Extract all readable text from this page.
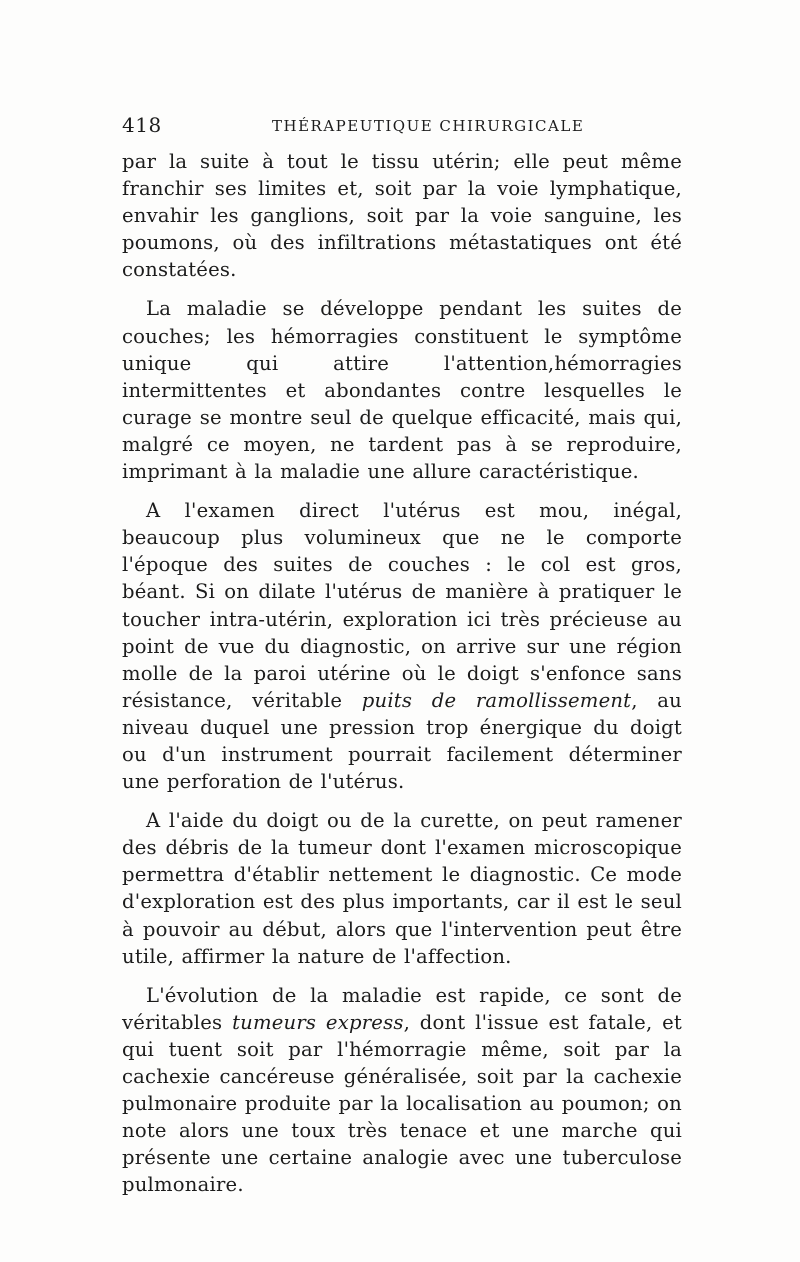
418	THÉRAPEUTIQUE CHIRURGICALE

par la suite à tout le tissu utérin; elle peut même franchir ses limites et, soit par la voie lymphatique, envahir les ganglions, soit par la voie sanguine, les poumons, où des infiltrations métastatiques ont été constatées.

La maladie se développe pendant les suites de couches; les hémorragies constituent le symptôme unique qui attire l'attention,hémorragies intermittentes et abondantes contre lesquelles le curage se montre seul de quelque efficacité, mais qui, malgré ce moyen, ne tardent pas à se reproduire, imprimant à la maladie une allure caractéristique.

A l'examen direct l'utérus est mou, inégal, beaucoup plus volumineux que ne le comporte l'époque des suites de couches : le col est gros, béant. Si on dilate l'utérus de manière à pratiquer le toucher intra-utérin, exploration ici très précieuse au point de vue du diagnostic, on arrive sur une région molle de la paroi utérine où le doigt s'enfonce sans résistance, véritable puits de ramollissement, au niveau duquel une pression trop énergique du doigt ou d'un instrument pourrait facilement déterminer une perforation de l'utérus.

A l'aide du doigt ou de la curette, on peut ramener des débris de la tumeur dont l'examen microscopique permettra d'établir nettement le diagnostic. Ce mode d'exploration est des plus importants, car il est le seul à pouvoir au début, alors que l'intervention peut être utile, affirmer la nature de l'affection.

L'évolution de la maladie est rapide, ce sont de véritables tumeurs express, dont l'issue est fatale, et qui tuent soit par l'hémorragie même, soit par la cachexie cancéreuse généralisée, soit par la cachexie pulmonaire produite par la localisation au poumon; on note alors une toux très tenace et une marche qui présente une certaine analogie avec une tuberculose pulmonaire.
